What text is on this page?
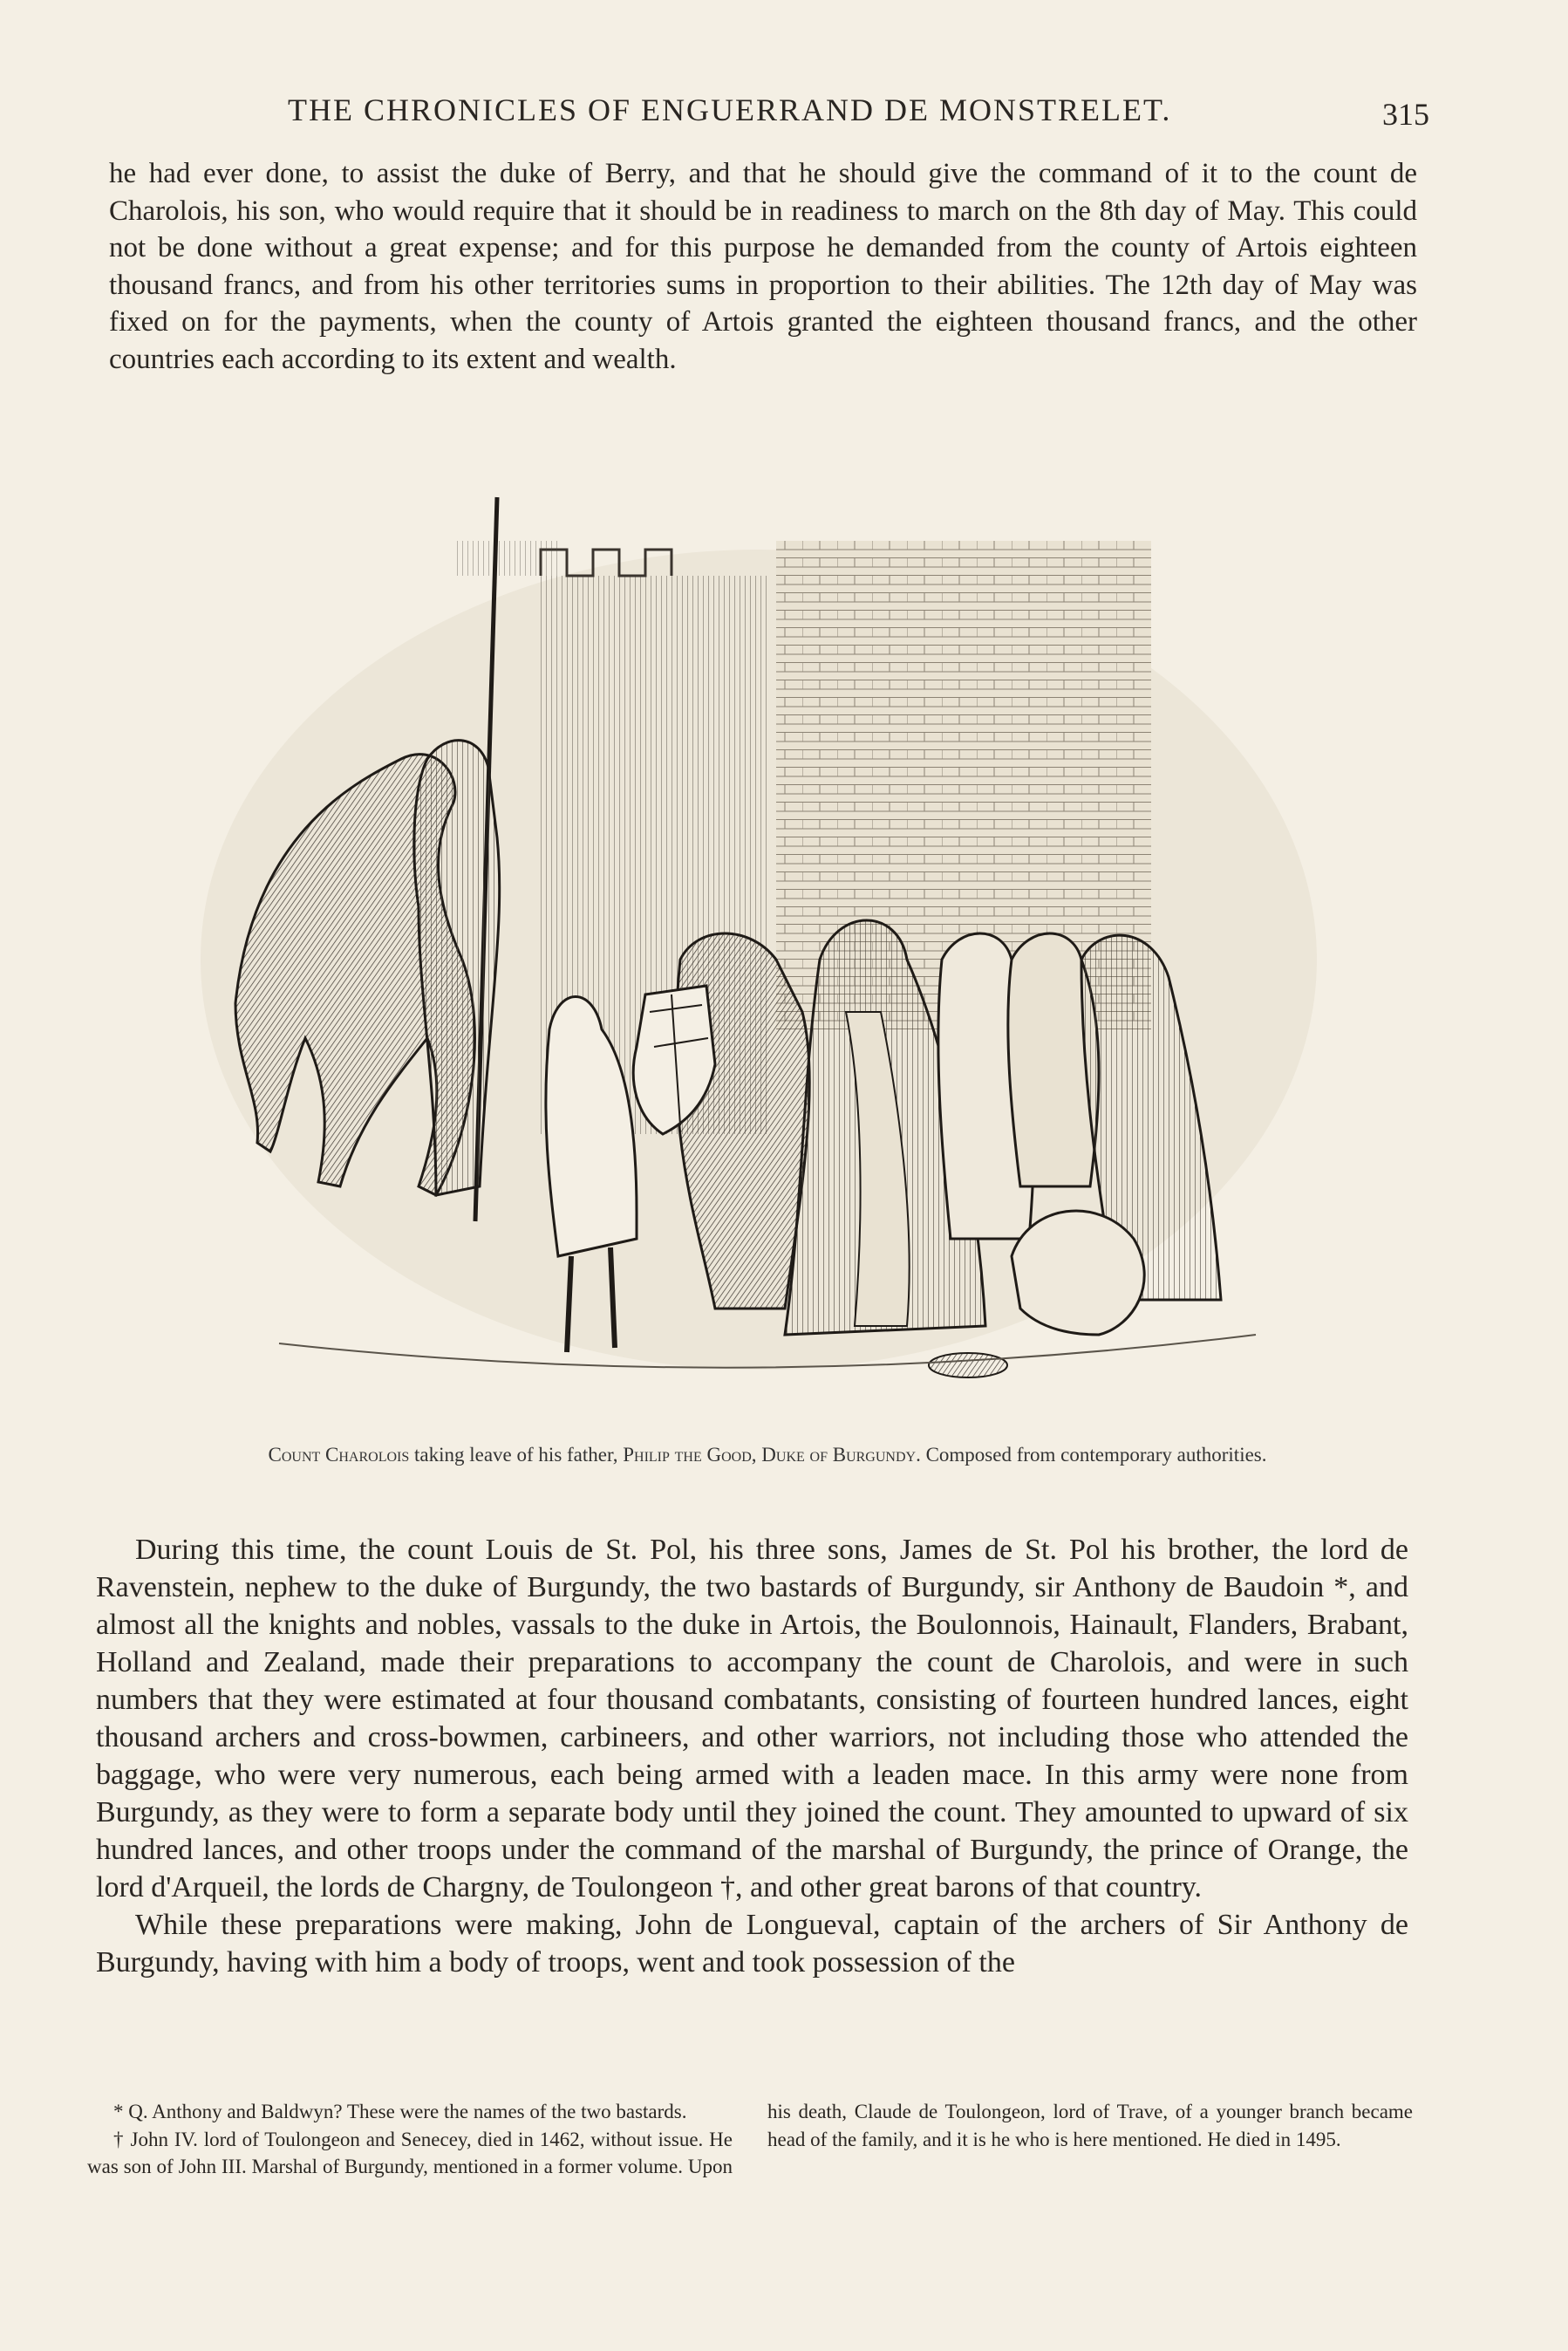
THE CHRONICLES OF ENGUERRAND DE MONSTRELET.	315

he had ever done, to assist the duke of Berry, and that he should give the command of it to the count de Charolois, his son, who would require that it should be in readiness to march on the 8th day of May. This could not be done without a great expense; and for this purpose he demanded from the county of Artois eighteen thousand francs, and from his other territories sums in proportion to their abilities. The 12th day of May was fixed on for the payments, when the county of Artois granted the eighteen thousand francs, and the other countries each according to its extent and wealth.

Count Charolois taking leave of his father, Philip the Good, Duke of Burgundy. Composed from contemporary authorities.

During this time, the count Louis de St. Pol, his three sons, James de St. Pol his brother, the lord de Ravenstein, nephew to the duke of Burgundy, the two bastards of Burgundy, sir Anthony de Baudoin *, and almost all the knights and nobles, vassals to the duke in Artois, the Boulonnois, Hainault, Flanders, Brabant, Holland and Zealand, made their preparations to accompany the count de Charolois, and were in such numbers that they were estimated at four thousand combatants, consisting of fourteen hundred lances, eight thousand archers and cross-bowmen, carbineers, and other warriors, not including those who attended the baggage, who were very numerous, each being armed with a leaden mace. In this army were none from Burgundy, as they were to form a separate body until they joined the count. They amounted to upward of six hundred lances, and other troops under the command of the marshal of Burgundy, the prince of Orange, the lord d'Arqueil, the lords de Chargny, de Toulongeon †, and other great barons of that country.

While these preparations were making, John de Longueval, captain of the archers of Sir Anthony de Burgundy, having with him a body of troops, went and took possession of the

* Q. Anthony and Baldwyn? These were the names of the two bastards.

† John IV. lord of Toulongeon and Senecey, died in 1462, without issue. He was son of John III. Marshal of Burgundy, mentioned in a former volume. Upon his death, Claude de Toulongeon, lord of Trave, of a younger branch became head of the family, and it is he who is here mentioned. He died in 1495.
